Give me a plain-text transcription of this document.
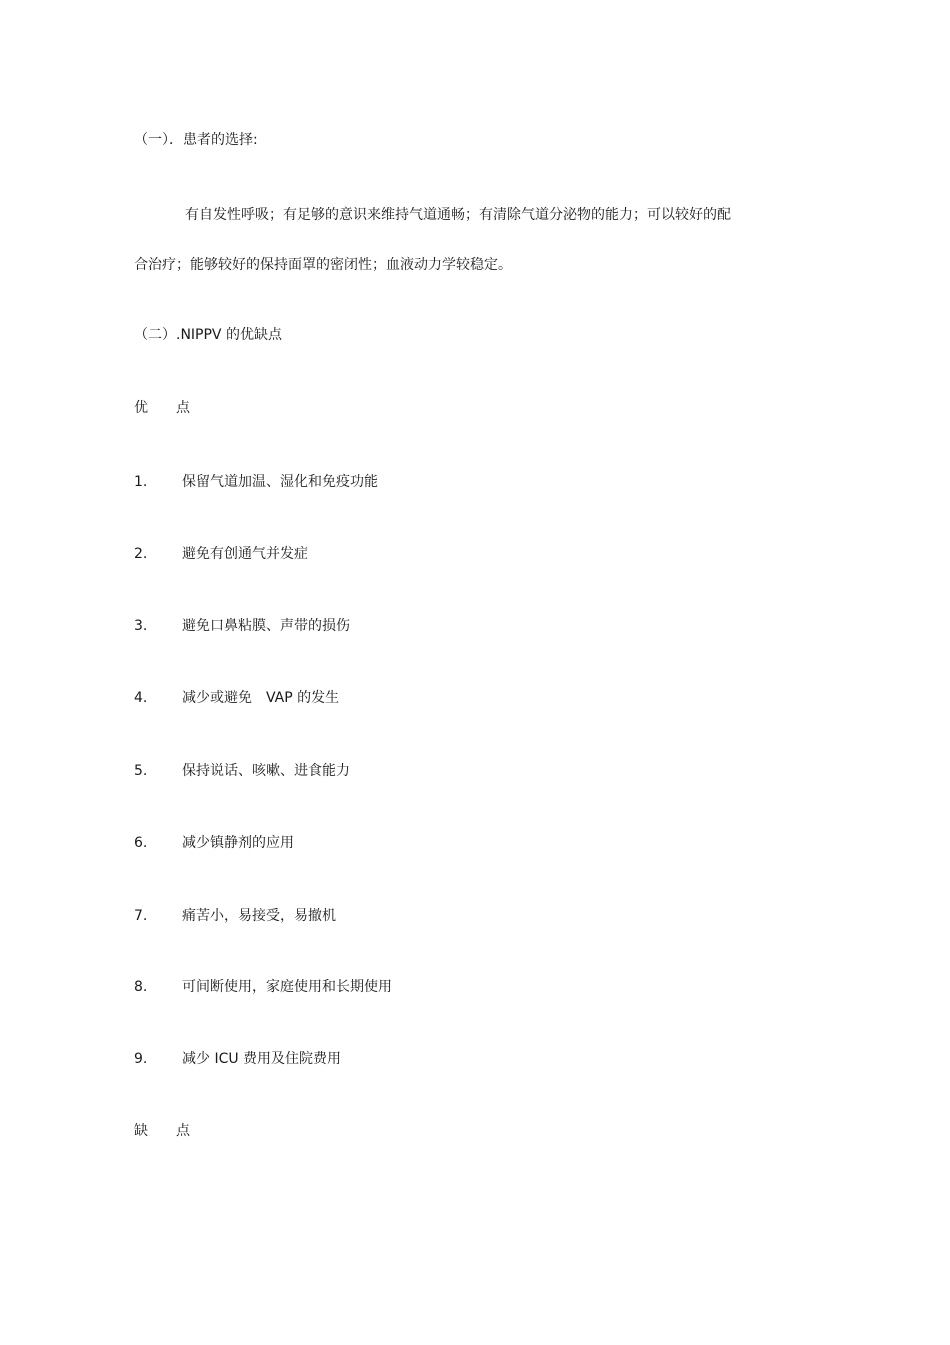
（一）．患者的选择:
有自发性呼吸；有足够的意识来维持气道通畅；有清除气道分泌物的能力；可以较好的配
合治疗；能够较好的保持面罩的密闭性；血液动力学较稳定。
（二）.NIPPV 的优缺点
优 点
1. 保留气道加温、湿化和免疫功能
2. 避免有创通气并发症
3. 避免口鼻粘膜、声带的损伤
4. 减少或避免　VAP 的发生
5. 保持说话、咳嗽、进食能力
6. 减少镇静剂的应用
7. 痛苦小，易接受，易撤机
8. 可间断使用，家庭使用和长期使用
9. 减少 ICU 费用及住院费用
缺 点
